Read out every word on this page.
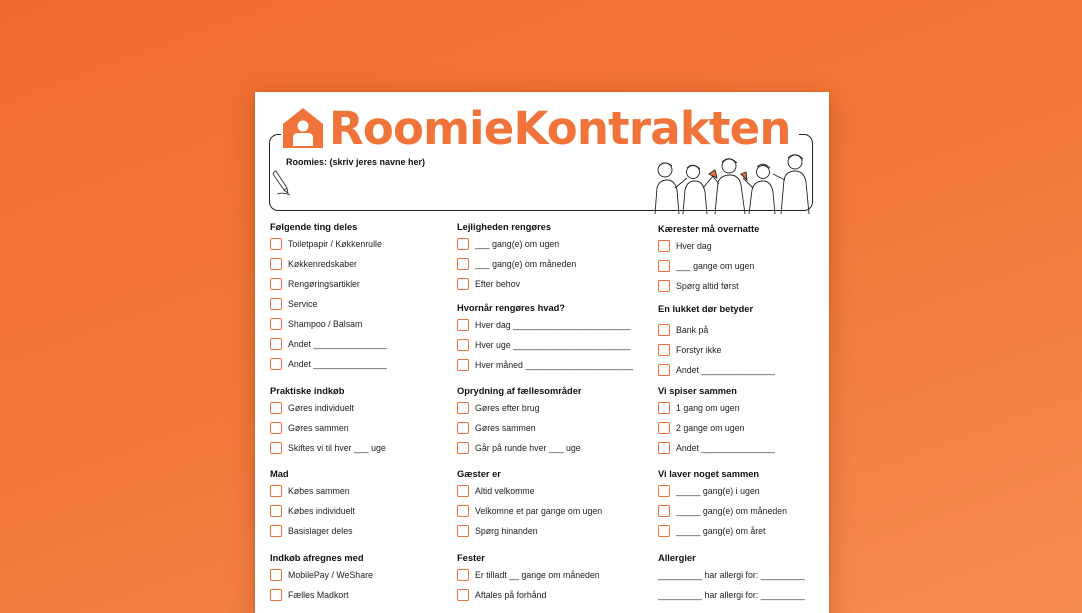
RoomieKontrakten
Roomies: (skriv jeres navne her)
Følgende ting deles
Toiletpapir / Køkkenrulle
Køkkenredskaber
Rengøringsartikler
Service
Shampoo / Balsam
Andet _______________
Andet _______________
Praktiske indkøb
Gøres individuelt
Gøres sammen
Skiftes vi til hver ___ uge
Mad
Købes sammen
Købes individuelt
Basislager deles
Indkøb afregnes med
MobilePay / WeShare
Fælles Madkort
Lejligheden rengøres
___ gang(e) om ugen
___ gang(e) om måneden
Efter behov
Hvornår rengøres hvad?
Hver dag ________________________
Hver uge ________________________
Hver måned ______________________
Oprydning af fællesområder
Gøres efter brug
Gøres sammen
Går på runde hver ___ uge
Gæster er
Altid velkomme
Velkomne et par gange om ugen
Spørg hinanden
Fester
Er tilladt __ gange om måneden
Aftales på forhånd
Kærester må overnatte
Hver dag
___ gange om ugen
Spørg altid først
En lukket dør betyder
Bank på
Forstyr ikke
Andet _______________
Vi spiser sammen
1 gang om ugen
2 gange om ugen
Andet _______________
Vi laver noget sammen
_____ gang(e) i ugen
_____ gang(e) om måneden
_____ gang(e) om året
Allergier
_________ har allergi for: _________
_________ har allergi for: _________
